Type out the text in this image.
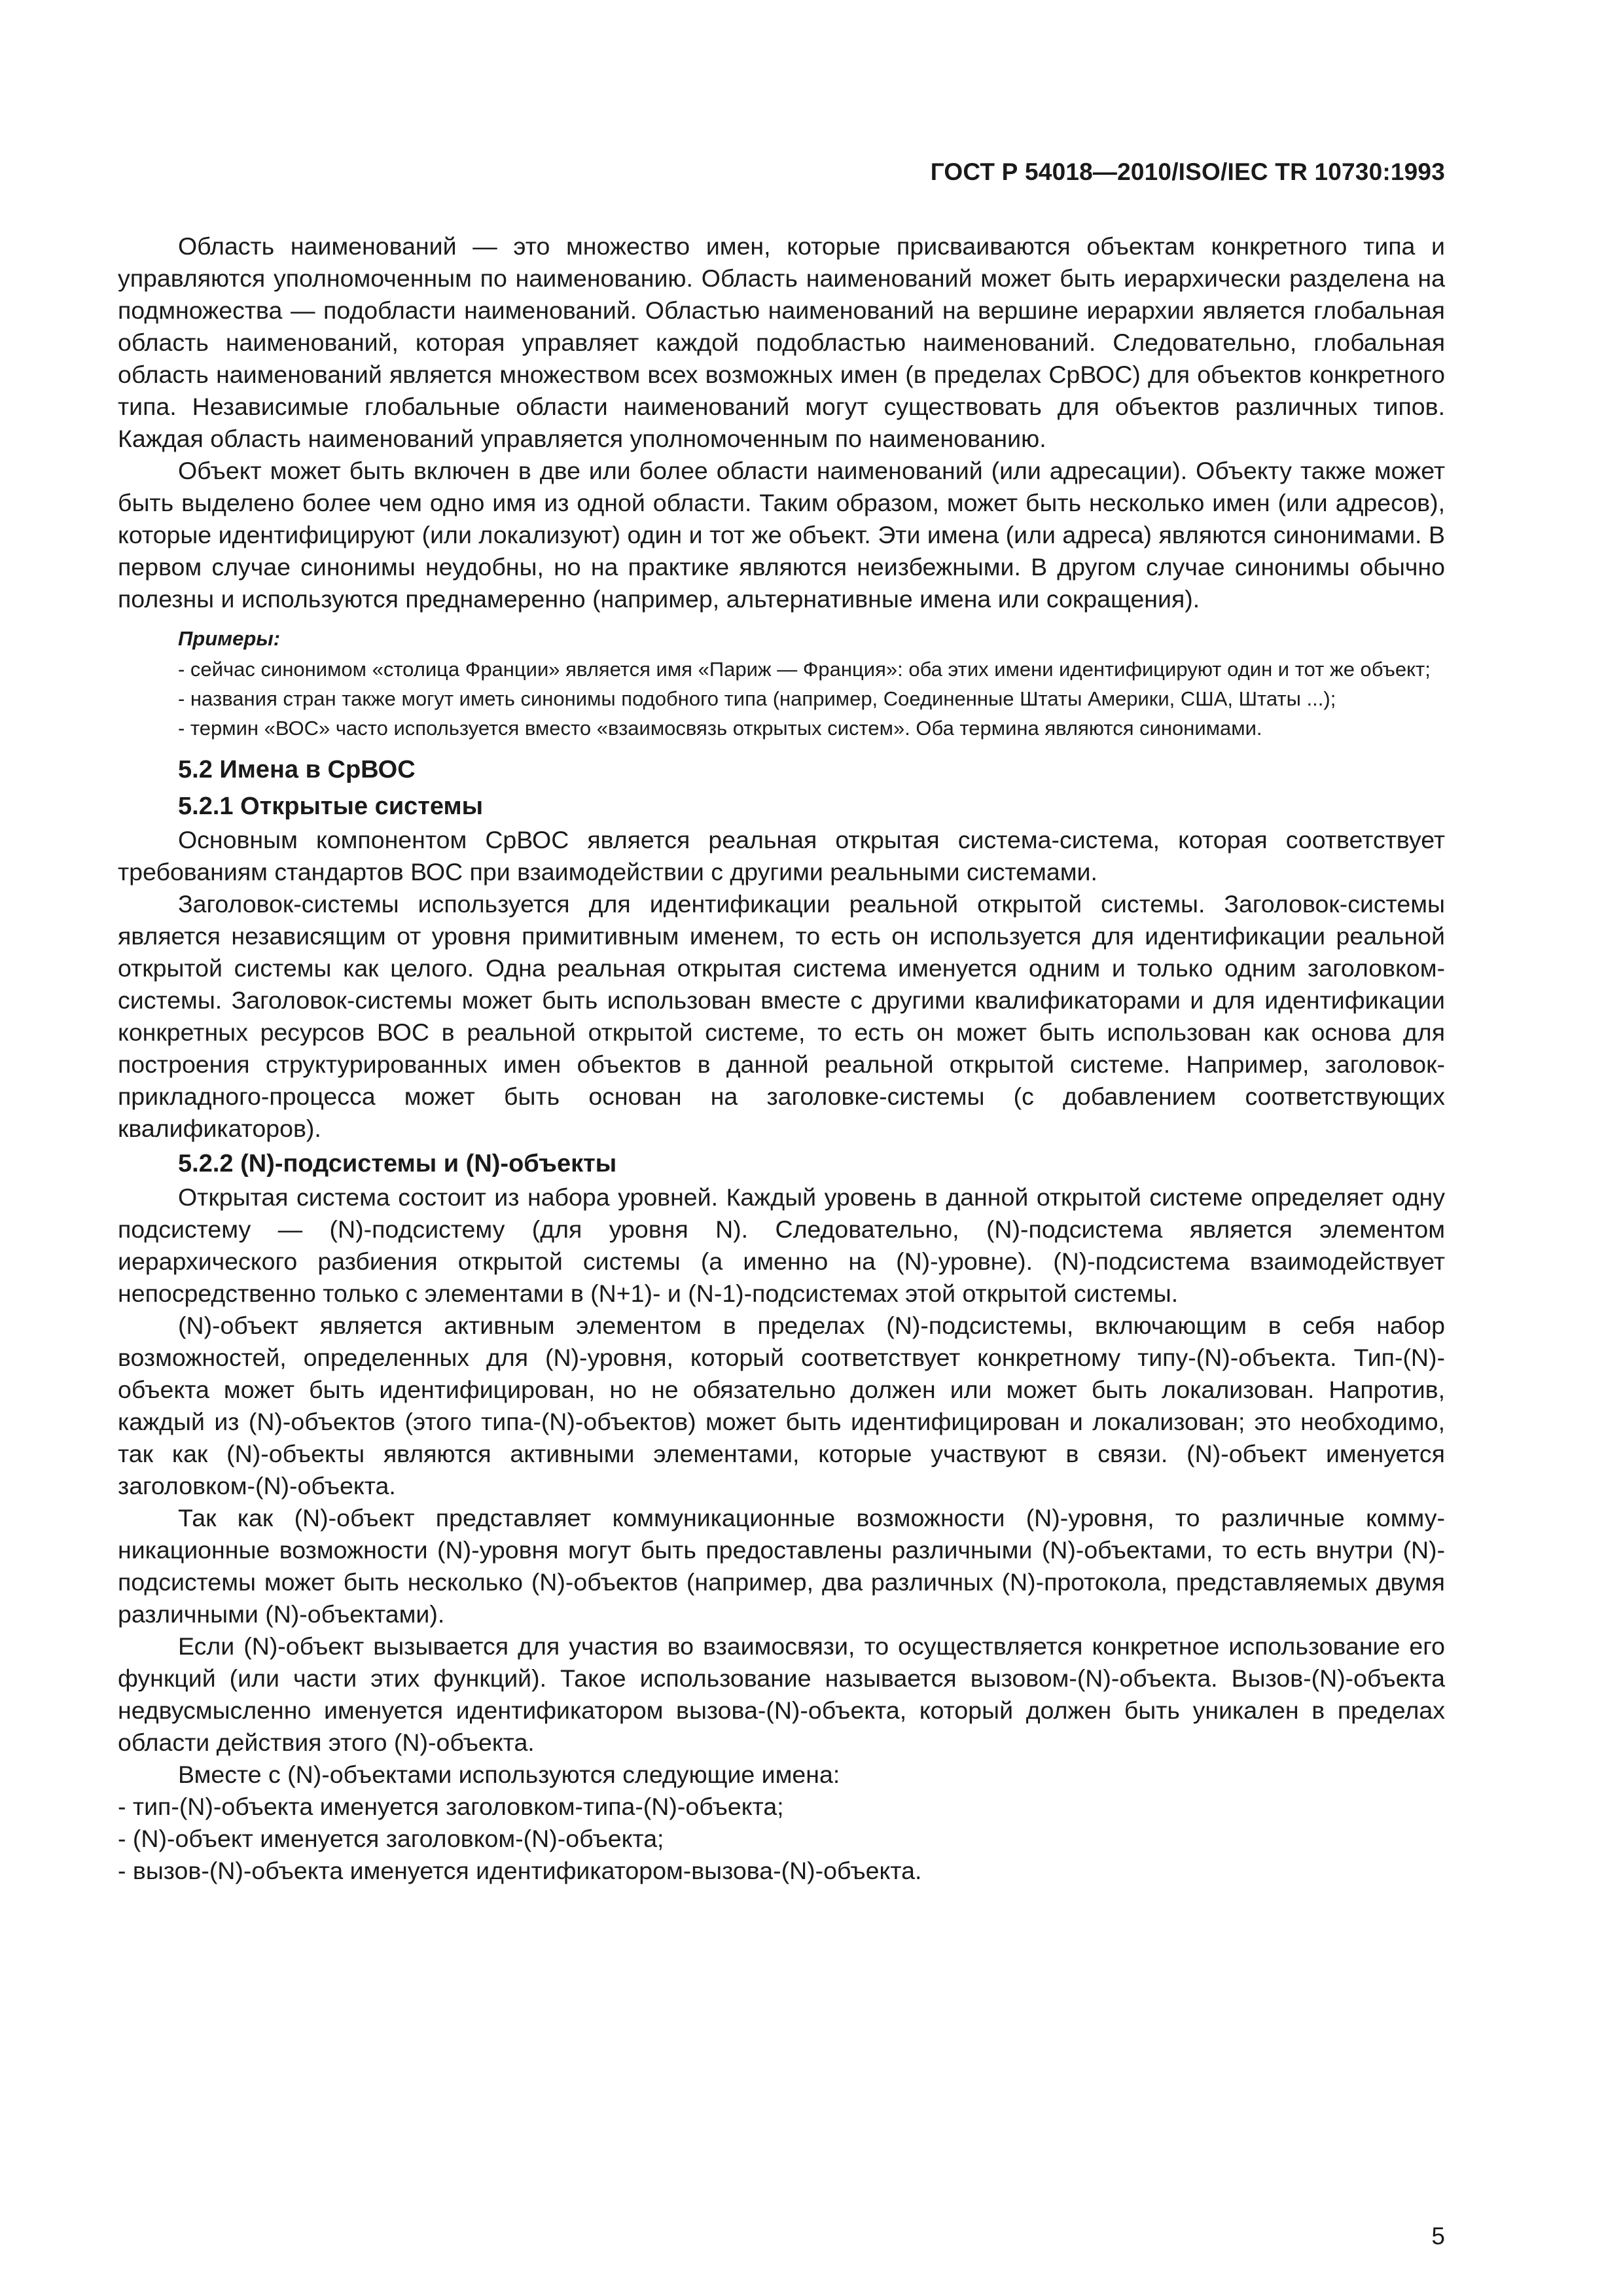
ГОСТ Р 54018—2010/ISO/IEC TR 10730:1993

Область наименований — это множество имен, которые присваиваются объектам конкретного типа и управляются уполномоченным по наименованию. Область наименований может быть иерархически разделена на подмножества — подобласти наименований. Областью наименований на вершине иерархии является глобальная область наименований, которая управляет каждой подобластью наименований. Следовательно, глобальная область наименований является множеством всех возможных имен (в пределах СрВОС) для объектов конкретного типа. Независимые глобальные области наименований могут существовать для объектов различных типов. Каждая область наименований управляется уполномоченным по наименованию.

Объект может быть включен в две или более области наименований (или адресации). Объекту также может быть выделено более чем одно имя из одной области. Таким образом, может быть несколько имен (или адресов), которые идентифицируют (или локализуют) один и тот же объект. Эти имена (или адреса) являются синонимами. В первом случае синонимы неудобны, но на практике являются неизбежными. В другом случае синонимы обычно полезны и используются преднамеренно (например, альтернативные имена или сокращения).

Примеры:

- сейчас синонимом «столица Франции» является имя «Париж — Франция»: оба этих имени идентифицируют один и тот же объект;

- названия стран также могут иметь синонимы подобного типа (например, Соединенные Штаты Америки, США, Штаты ...);

- термин «ВОС» часто используется вместо «взаимосвязь открытых систем». Оба термина являются синонимами.

5.2 Имена в СрВОС
5.2.1 Открытые системы

Основным компонентом СрВОС является реальная открытая система-система, которая соответствует требованиям стандартов ВОС при взаимодействии с другими реальными системами.

Заголовок-системы используется для идентификации реальной открытой системы. Заголовок-системы является независящим от уровня примитивным именем, то есть он используется для идентификации реальной открытой системы как целого. Одна реальная открытая система именуется одним и только одним заголовком-системы. Заголовок-системы может быть использован вместе с другими квалификаторами и для идентификации конкретных ресурсов ВОС в реальной открытой системе, то есть он может быть использован как основа для построения структурированных имен объектов в данной реальной открытой системе. Например, заголовок-прикладного-процесса может быть основан на заголовке-системы (с добавлением соответствующих квалификаторов).

5.2.2 (N)-подсистемы и (N)-объекты

Открытая система состоит из набора уровней. Каждый уровень в данной открытой системе определяет одну подсистему — (N)-подсистему (для уровня N). Следовательно, (N)-подсистема является элементом иерархического разбиения открытой системы (а именно на (N)-уровне). (N)-подсистема взаимодействует непосредственно только с элементами в (N+1)- и (N-1)-подсистемах этой открытой системы.

(N)-объект является активным элементом в пределах (N)-подсистемы, включающим в себя набор возможностей, определенных для (N)-уровня, который соответствует конкретному типу-(N)-объекта. Тип-(N)-объекта может быть идентифицирован, но не обязательно должен или может быть локализован. Напротив, каждый из (N)-объектов (этого типа-(N)-объектов) может быть идентифицирован и локализован; это необходимо, так как (N)-объекты являются активными элементами, которые участвуют в связи. (N)-объект именуется заголовком-(N)-объекта.

Так как (N)-объект представляет коммуникационные возможности (N)-уровня, то различные коммуникационные возможности (N)-уровня могут быть предоставлены различными (N)-объектами, то есть внутри (N)-подсистемы может быть несколько (N)-объектов (например, два различных (N)-протокола, представляемых двумя различными (N)-объектами).

Если (N)-объект вызывается для участия во взаимосвязи, то осуществляется конкретное использование его функций (или части этих функций). Такое использование называется вызовом-(N)-объекта. Вызов-(N)-объекта недвусмысленно именуется идентификатором вызова-(N)-объекта, который должен быть уникален в пределах области действия этого (N)-объекта.

Вместе с (N)-объектами используются следующие имена:

- тип-(N)-объекта именуется заголовком-типа-(N)-объекта;

- (N)-объект именуется заголовком-(N)-объекта;

- вызов-(N)-объекта именуется идентификатором-вызова-(N)-объекта.

5
